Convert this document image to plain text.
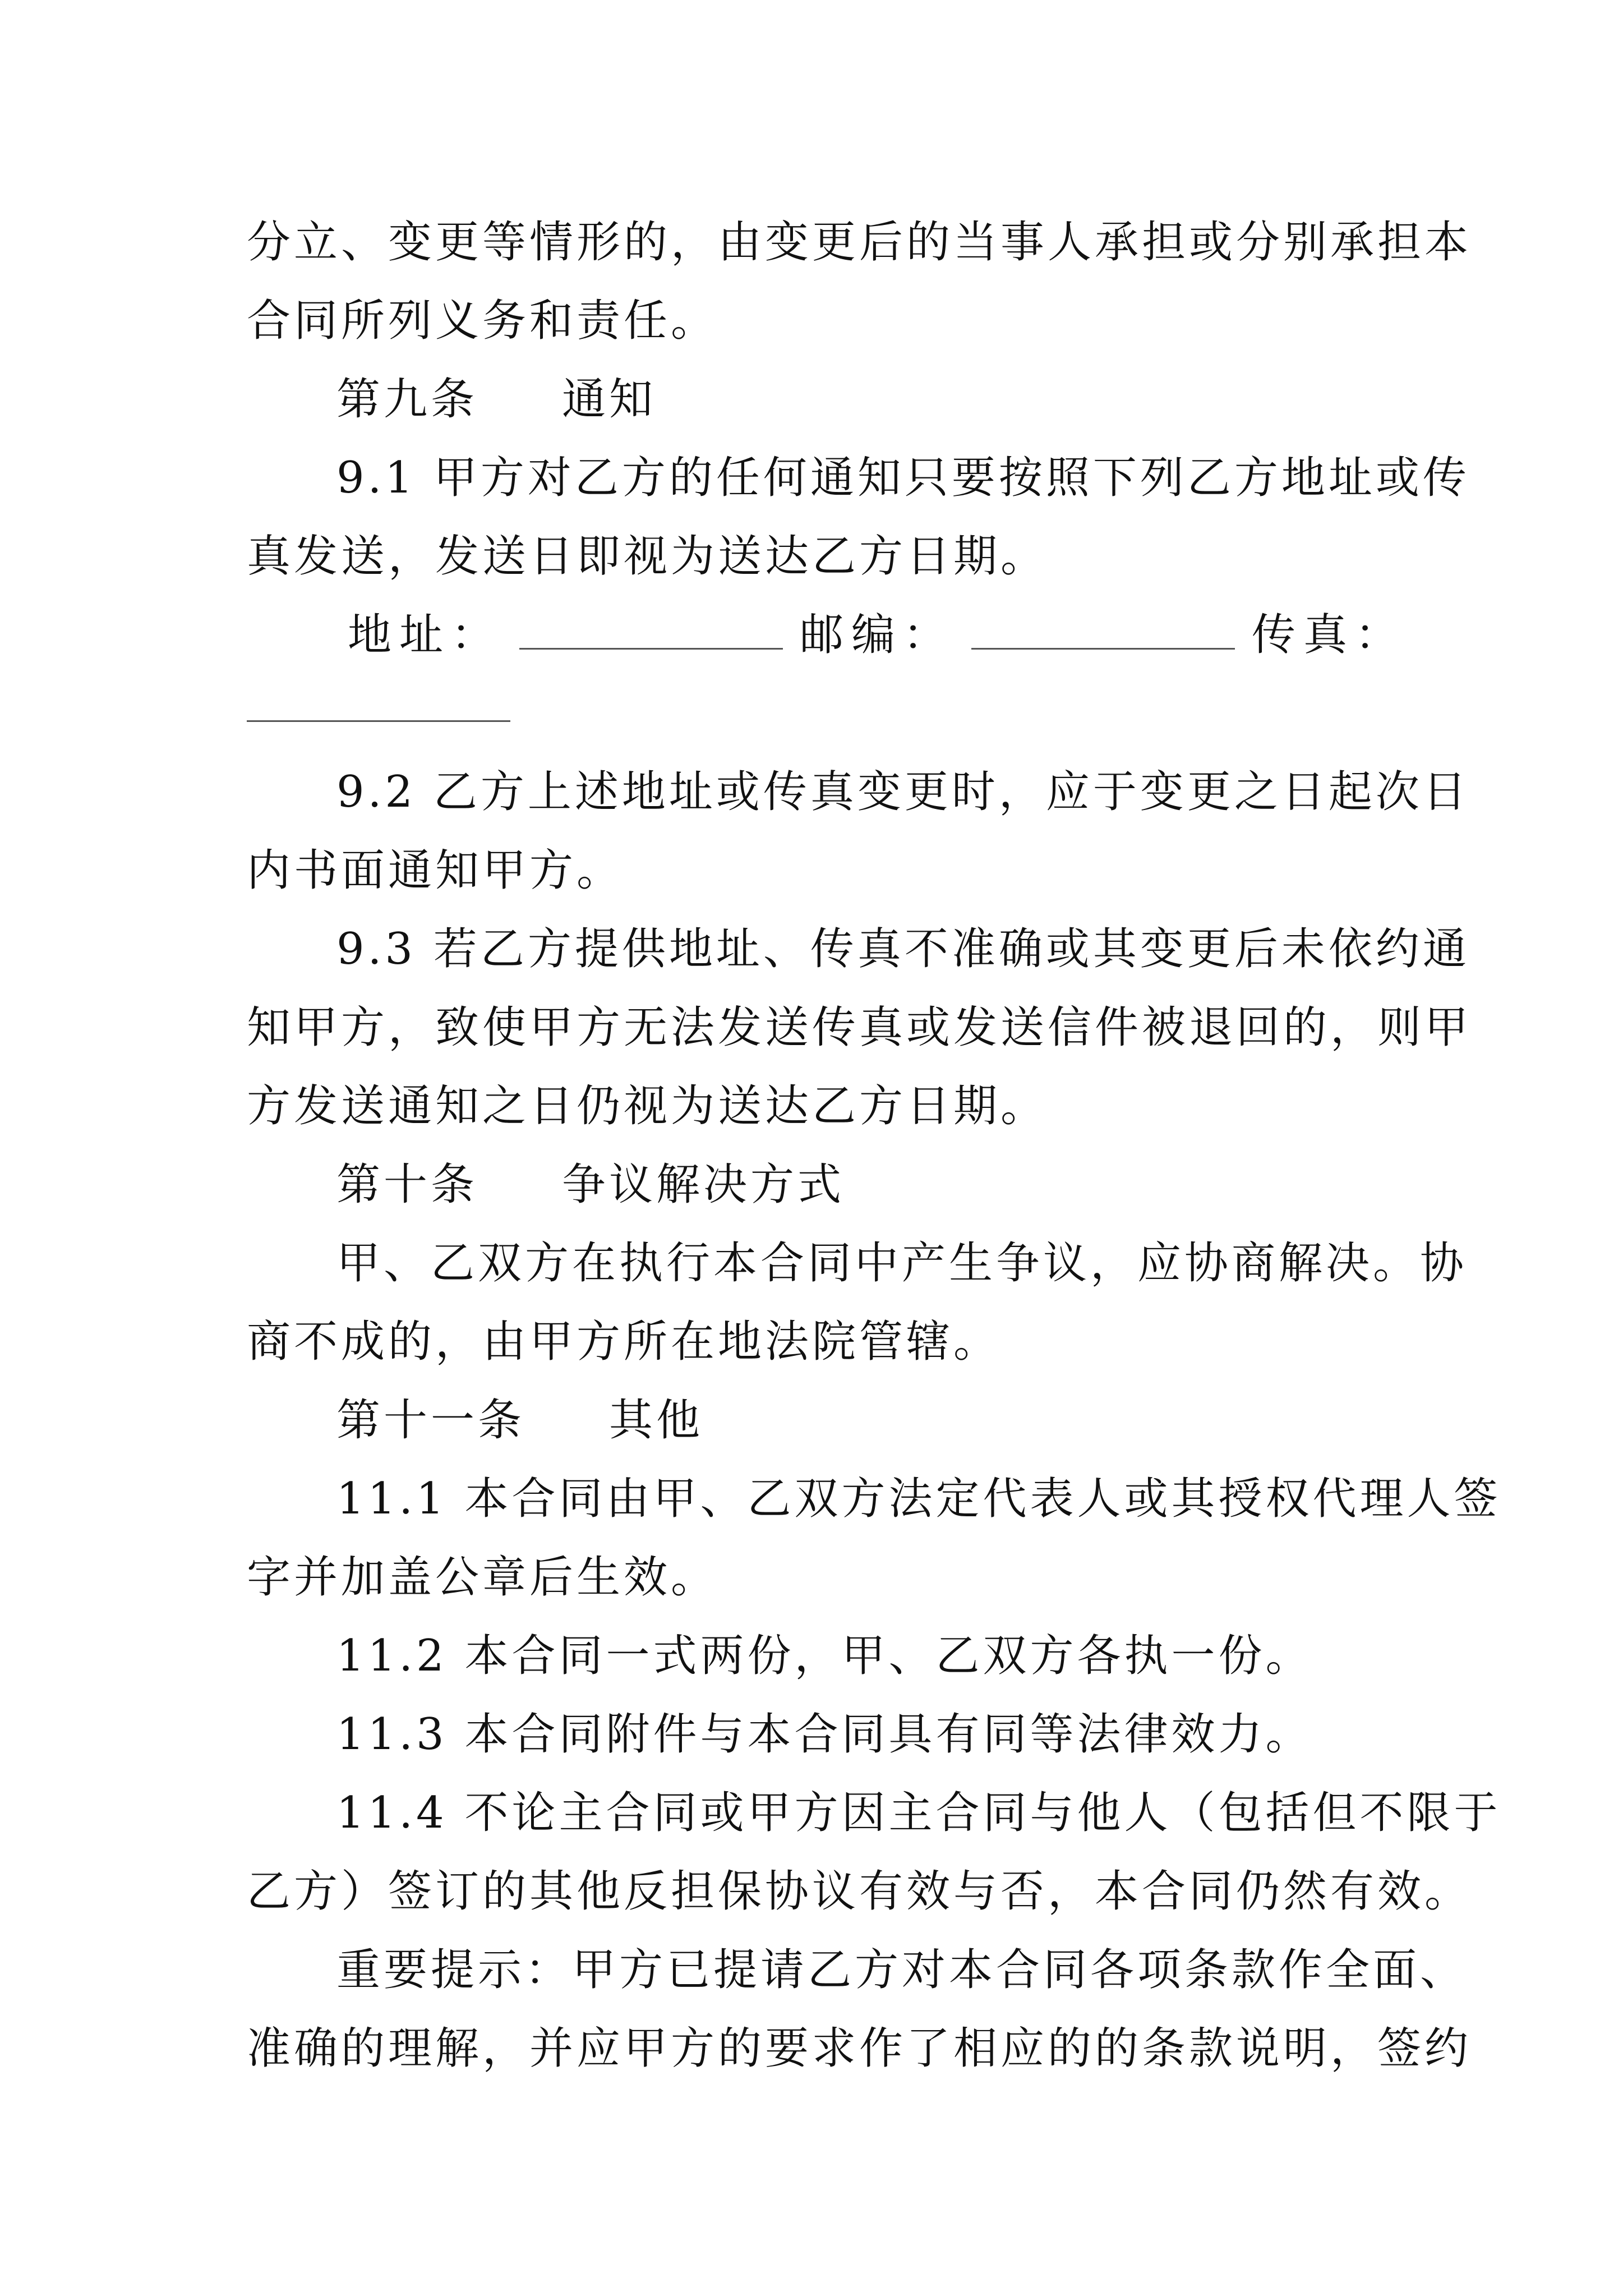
分立、变更等情形的，由变更后的当事人承担或分别承担本
合同所列义务和责任。
第九条 通知
9.1 甲方对乙方的任何通知只要按照下列乙方地址或传
真发送，发送日即视为送达乙方日期。
地址：	邮编：	传真：
9.2 乙方上述地址或传真变更时，应于变更之日起次日
内书面通知甲方。
9.3 若乙方提供地址、传真不准确或其变更后未依约通
知甲方，致使甲方无法发送传真或发送信件被退回的，则甲
方发送通知之日仍视为送达乙方日期。
第十条 争议解决方式
甲、乙双方在执行本合同中产生争议，应协商解决。协
商不成的，由甲方所在地法院管辖。
第十一条 其他
11.1 本合同由甲、乙双方法定代表人或其授权代理人签
字并加盖公章后生效。
11.2 本合同一式两份，甲、乙双方各执一份。
11.3 本合同附件与本合同具有同等法律效力。
11.4 不论主合同或甲方因主合同与他人（包括但不限于
乙方）签订的其他反担保协议有效与否，本合同仍然有效。
重要提示：甲方已提请乙方对本合同各项条款作全面、
准确的理解，并应甲方的要求作了相应的的条款说明，签约
